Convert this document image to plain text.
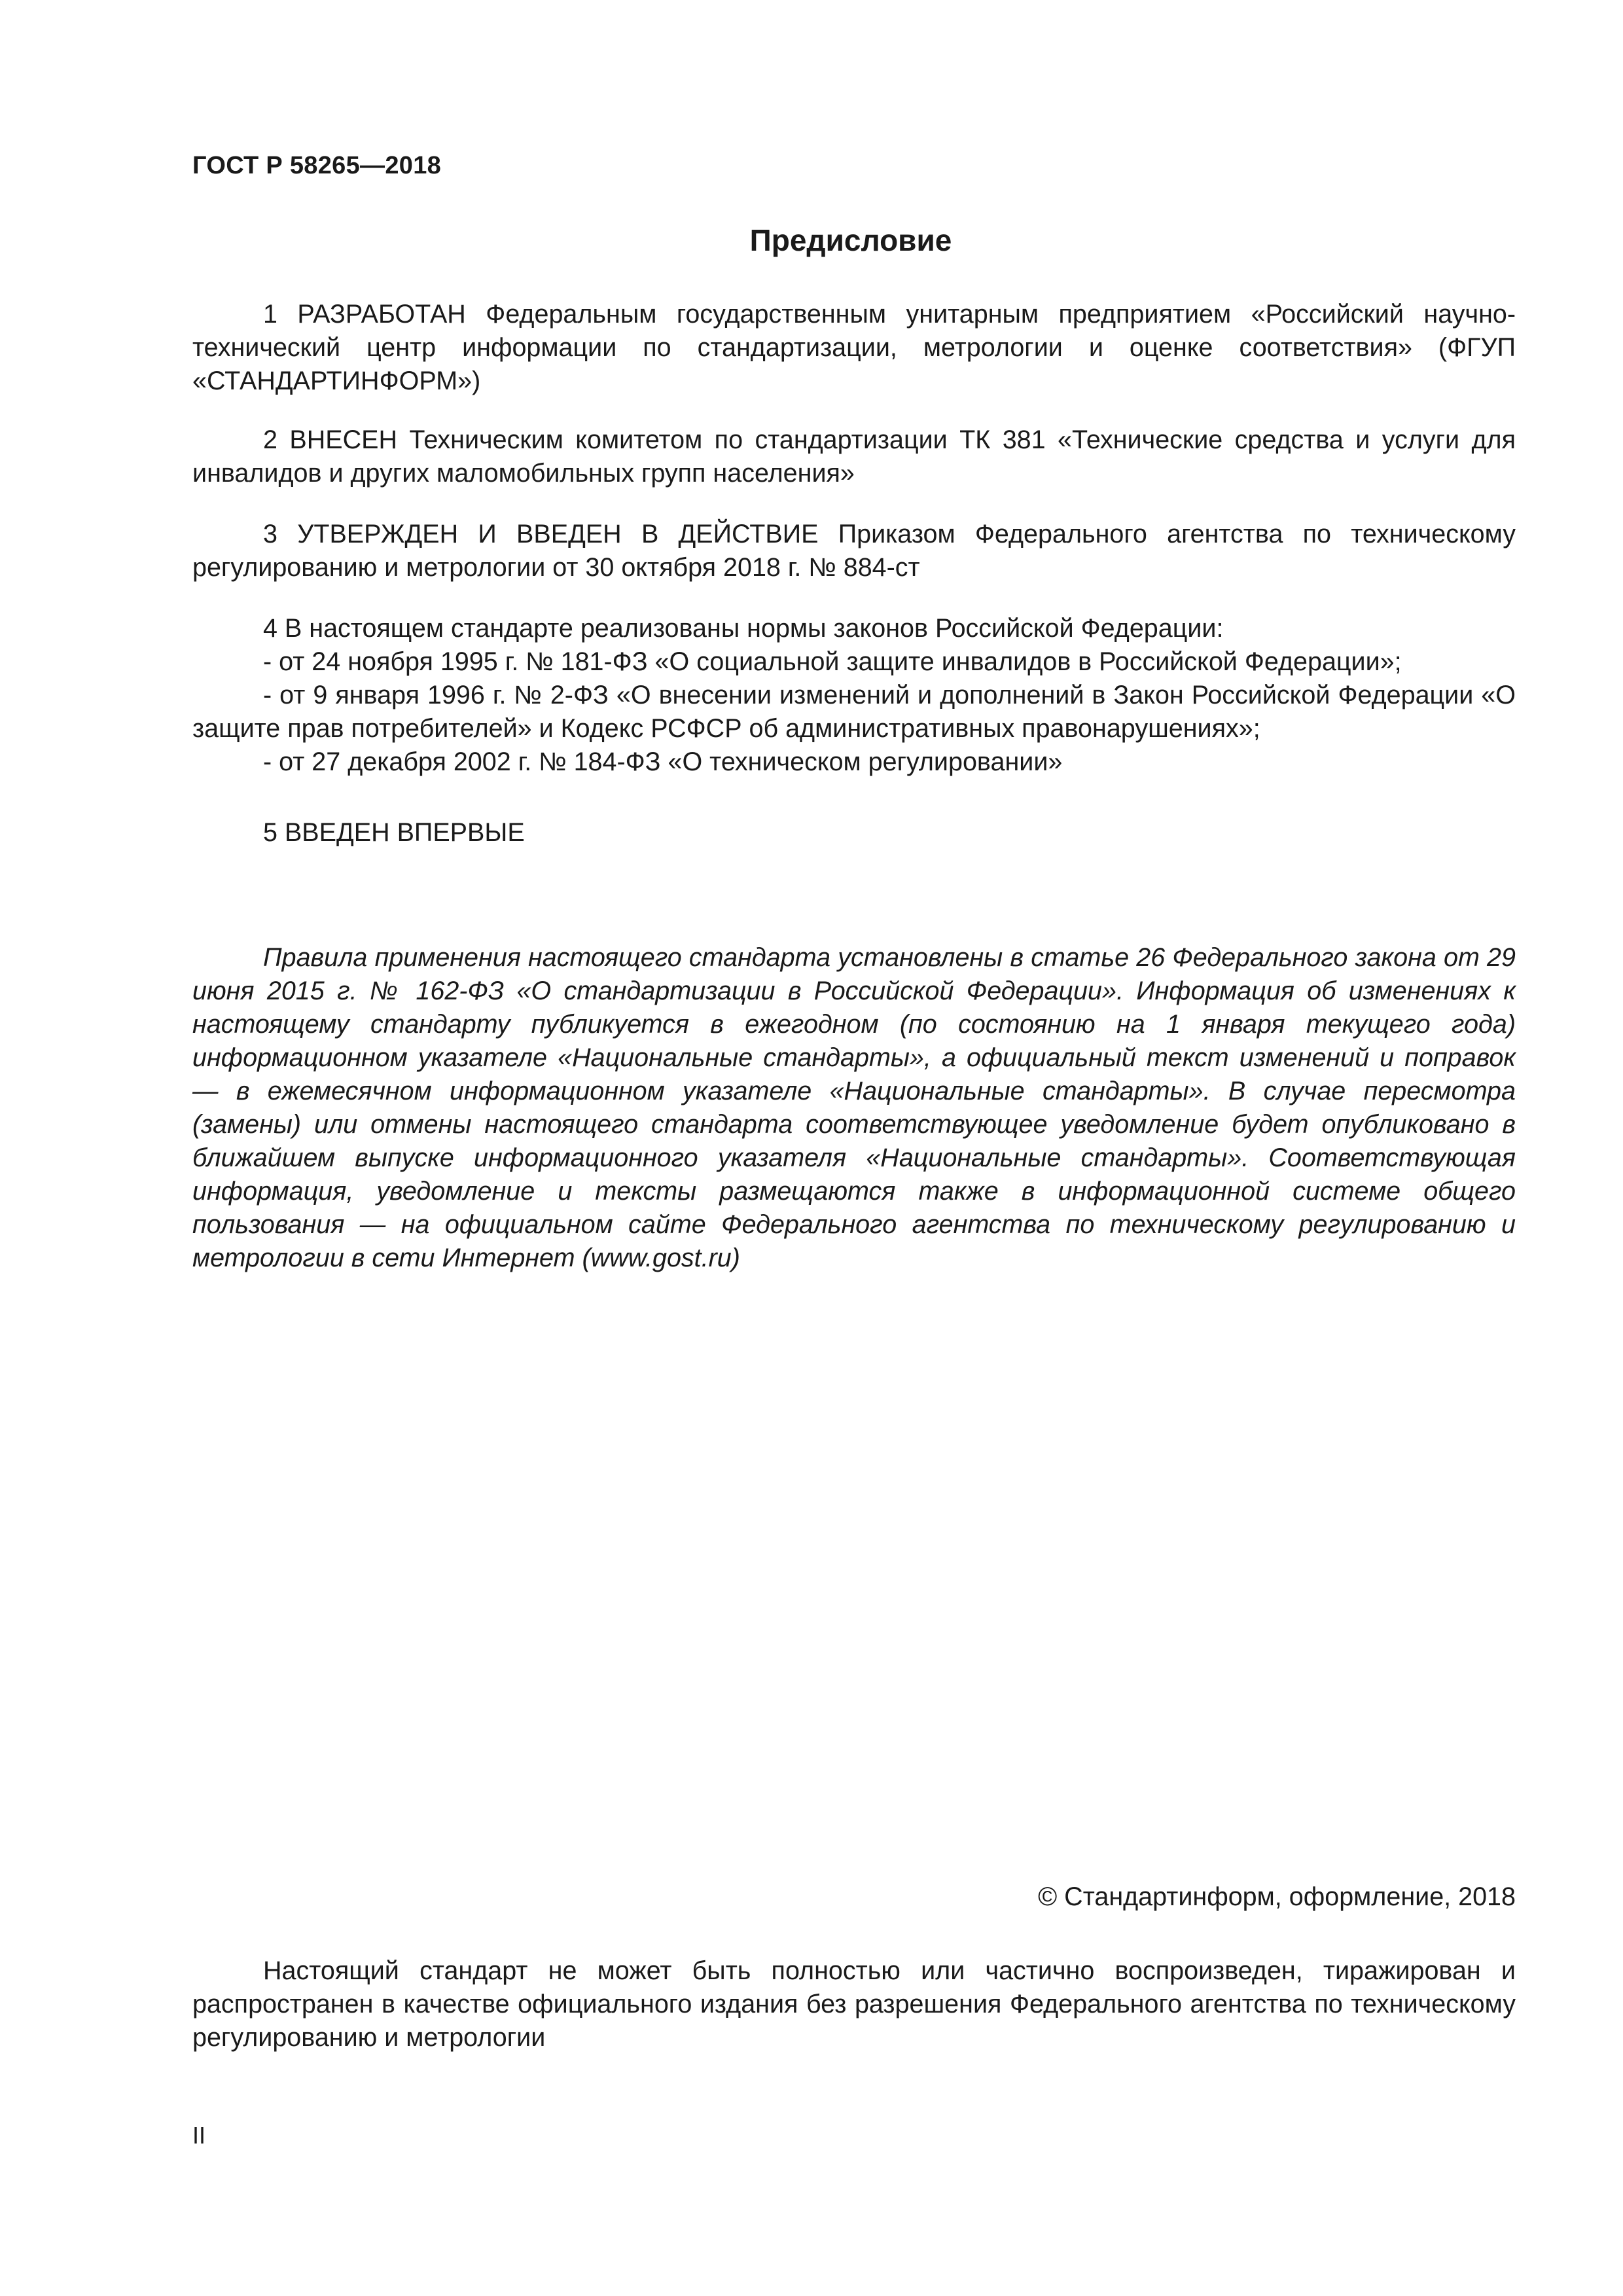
ГОСТ Р 58265—2018
Предисловие

1 РАЗРАБОТАН Федеральным государственным унитарным предприятием «Российский научно-технический центр информации по стандартизации, метрологии и оценке соответствия» (ФГУП «СТАНДАРТИНФОРМ»)

2 ВНЕСЕН Техническим комитетом по стандартизации ТК 381 «Технические средства и услуги для инвалидов и других маломобильных групп населения»

3 УТВЕРЖДЕН И ВВЕДЕН В ДЕЙСТВИЕ Приказом Федерального агентства по техническому регулированию и метрологии от 30 октября 2018 г. № 884-ст

4 В настоящем стандарте реализованы нормы законов Российской Федерации:

- от 24 ноября 1995 г. № 181-ФЗ «О социальной защите инвалидов в Российской Федерации»;

- от 9 января 1996 г. № 2-ФЗ «О внесении изменений и дополнений в Закон Российской Федерации «О защите прав потребителей» и Кодекс РСФСР об административных правонарушениях»;

- от 27 декабря 2002 г. № 184-ФЗ «О техническом регулировании»

5 ВВЕДЕН ВПЕРВЫЕ

Правила применения настоящего стандарта установлены в статье 26 Федерального закона от 29 июня 2015 г. № 162-ФЗ «О стандартизации в Российской Федерации». Информация об изменениях к настоящему стандарту публикуется в ежегодном (по состоянию на 1 января текущего года) информационном указателе «Национальные стандарты», а официальный текст изменений и поправок — в ежемесячном информационном указателе «Национальные стандарты». В случае пересмотра (замены) или отмены настоящего стандарта соответствующее уведомление будет опубликовано в ближайшем выпуске информационного указателя «Национальные стандарты». Соответствующая информация, уведомление и тексты размещаются также в информационной системе общего пользования — на официальном сайте Федерального агентства по техническому регулированию и метрологии в сети Интернет (www.gost.ru)

© Стандартинформ, оформление, 2018

Настоящий стандарт не может быть полностью или частично воспроизведен, тиражирован и распространен в качестве официального издания без разрешения Федерального агентства по техническому регулированию и метрологии

II
